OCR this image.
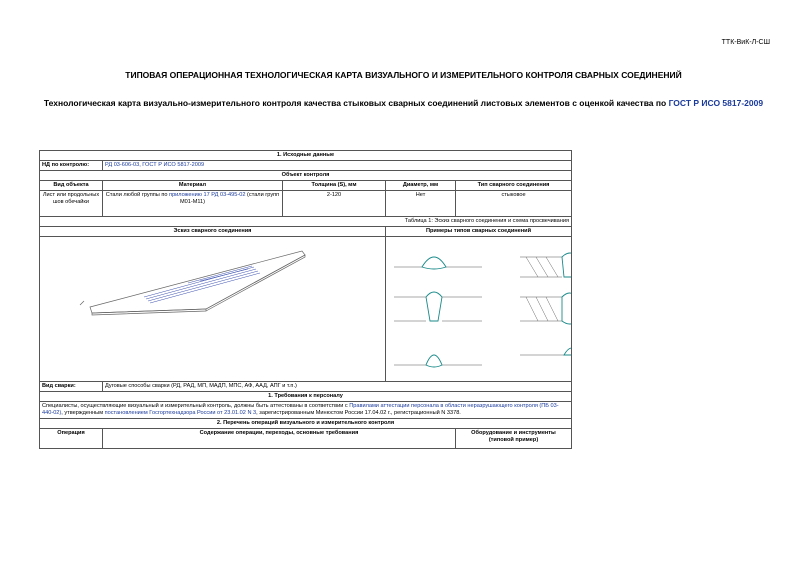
ТТК-ВиК-Л-СШ
ТИПОВАЯ ОПЕРАЦИОННАЯ ТЕХНОЛОГИЧЕСКАЯ КАРТА ВИЗУАЛЬНОГО И ИЗМЕРИТЕЛЬНОГО КОНТРОЛЯ СВАРНЫХ СОЕДИНЕНИЙ
Технологическая карта визуально-измерительного контроля качества стыковых сварных соединений листовых элементов с оценкой качества по ГОСТ Р ИСО 5817-2009
1. Исходные данные				
НД по контролю:	РД 03-606-03, ГОСТ Р ИСО 5817-2009			
Объект контроля				
Вид объекта	Материал	Толщина (S), мм	Диаметр, мм	Тип сварного соединения
Лист или продольных шов обечайки	Стали любой группы по приложению 17 РД 03-495-02 (стали групп М01-М11)	2-120	Нет	стыковое
Таблица 1: Эскиз сварного соединения и схема просвечивания				
Эскиз сварного соединения			Примеры типов сварных соединений	

Вид сварки:	Дуговые способы сварки (РД, РАД, МП, МАДП, МПС, АФ, ААД, АПГ и т.п.)			
1. Требования к персоналу				
Специалисты, осуществляющие визуальный и измерительный контроль, должны быть аттестованы в соответствии с Правилами аттестации персонала в области неразрушающего контроля (ПБ 03-440-02), утвержденным постановлением Госгортехнадзора России от 23.01.02 N 3, зарегистрированным Минюстом России 17.04.02 г., регистрационный N 3378.				
2. Перечень операций визуального и измерительного контроля				
Операция	Содержание операции, переходы, основные требования			Оборудование и инструменты (типовой пример)
